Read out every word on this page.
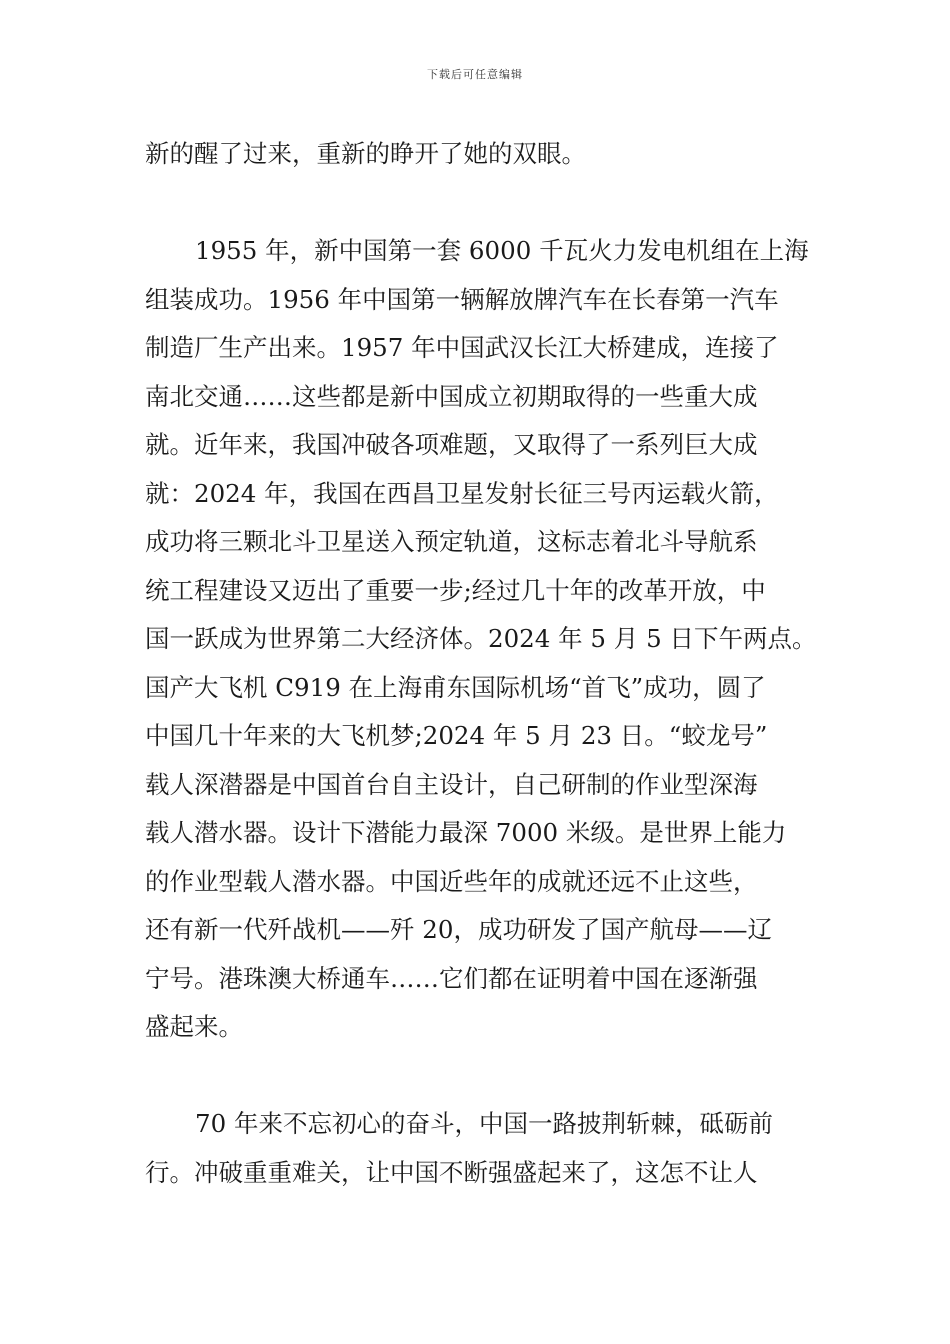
下载后可任意编辑
新的醒了过来，重新的睁开了她的双眼。
1955 年，新中国第一套 6000 千瓦火力发电机组在上海
组装成功。1956 年中国第一辆解放牌汽车在长春第一汽车
制造厂生产出来。1957 年中国武汉长江大桥建成，连接了
南北交通……这些都是新中国成立初期取得的一些重大成
就。近年来，我国冲破各项难题，又取得了一系列巨大成
就：2024 年，我国在西昌卫星发射长征三号丙运载火箭，
成功将三颗北斗卫星送入预定轨道，这标志着北斗导航系
统工程建设又迈出了重要一步;经过几十年的改革开放，中
国一跃成为世界第二大经济体。2024 年 5 月 5 日下午两点。
国产大飞机 C919 在上海甫东国际机场“首飞”成功，圆了
中国几十年来的大飞机梦;2024 年 5 月 23 日。“蛟龙号”
载人深潜器是中国首台自主设计，自己研制的作业型深海
载人潜水器。设计下潜能力最深 7000 米级。是世界上能力
的作业型载人潜水器。中国近些年的成就还远不止这些，
还有新一代歼战机——歼 20，成功研发了国产航母——辽
宁号。港珠澳大桥通车……它们都在证明着中国在逐渐强
盛起来。
70 年来不忘初心的奋斗，中国一路披荆斩棘，砥砺前
行。冲破重重难关，让中国不断强盛起来了，这怎不让人
